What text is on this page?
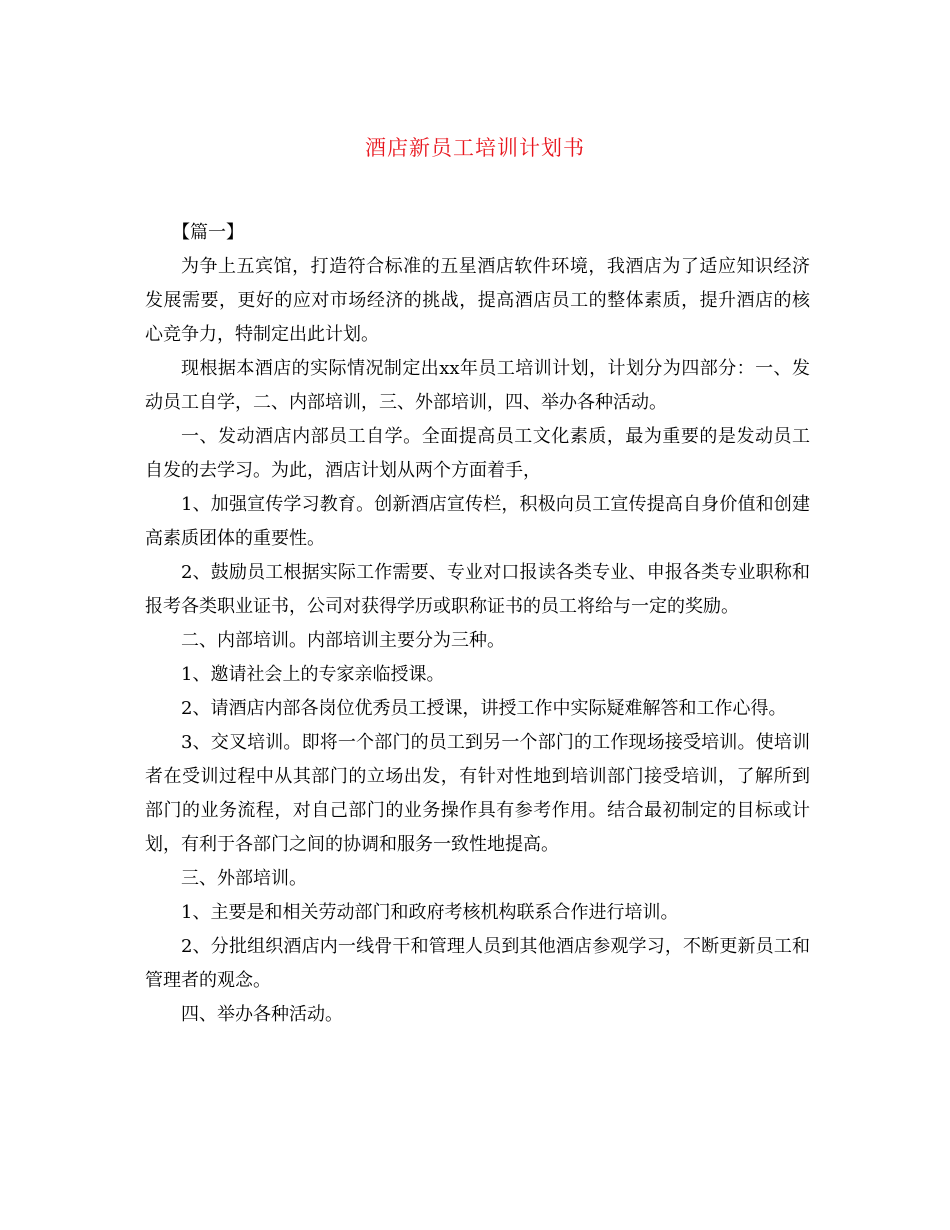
酒店新员工培训计划书

【篇一】

为争上五宾馆，打造符合标准的五星酒店软件环境，我酒店为了适应知识经济发展需要，更好的应对市场经济的挑战，提高酒店员工的整体素质，提升酒店的核心竞争力，特制定出此计划。

现根据本酒店的实际情况制定出xx年员工培训计划，计划分为四部分：一、发动员工自学，二、内部培训，三、外部培训，四、举办各种活动。

一、发动酒店内部员工自学。全面提高员工文化素质，最为重要的是发动员工自发的去学习。为此，酒店计划从两个方面着手，

1、加强宣传学习教育。创新酒店宣传栏，积极向员工宣传提高自身价值和创建高素质团体的重要性。

2、鼓励员工根据实际工作需要、专业对口报读各类专业、申报各类专业职称和报考各类职业证书，公司对获得学历或职称证书的员工将给与一定的奖励。

二、内部培训。内部培训主要分为三种。

1、邀请社会上的专家亲临授课。

2、请酒店内部各岗位优秀员工授课，讲授工作中实际疑难解答和工作心得。

3、交叉培训。即将一个部门的员工到另一个部门的工作现场接受培训。使培训者在受训过程中从其部门的立场出发，有针对性地到培训部门接受培训，了解所到部门的业务流程，对自己部门的业务操作具有参考作用。结合最初制定的目标或计划，有利于各部门之间的协调和服务一致性地提高。

三、外部培训。

1、主要是和相关劳动部门和政府考核机构联系合作进行培训。

2、分批组织酒店内一线骨干和管理人员到其他酒店参观学习，不断更新员工和管理者的观念。

四、举办各种活动。
